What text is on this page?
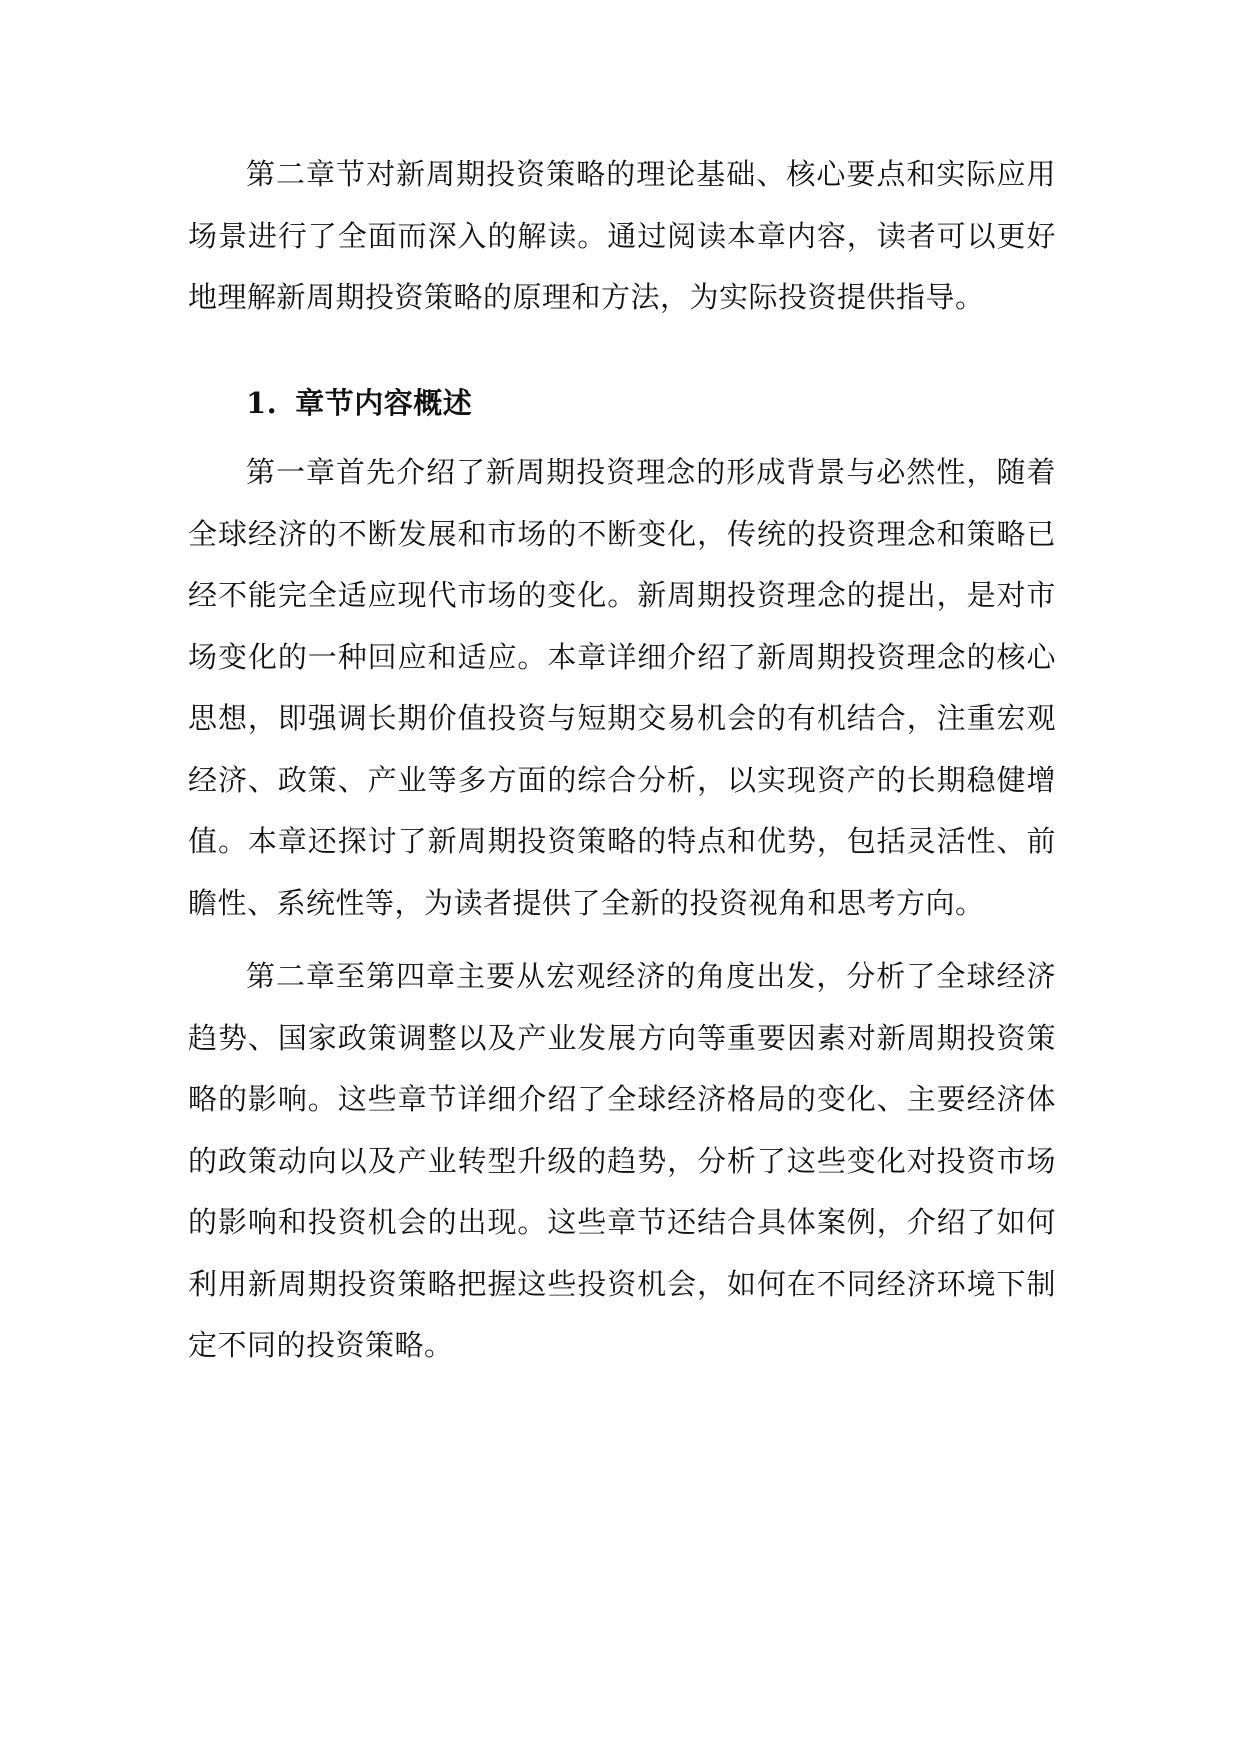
第二章节对新周期投资策略的理论基础、核心要点和实际应用场景进行了全面而深入的解读。通过阅读本章内容，读者可以更好地理解新周期投资策略的原理和方法，为实际投资提供指导。

1. 章节内容概述

第一章首先介绍了新周期投资理念的形成背景与必然性，随着全球经济的不断发展和市场的不断变化，传统的投资理念和策略已经不能完全适应现代市场的变化。新周期投资理念的提出，是对市场变化的一种回应和适应。本章详细介绍了新周期投资理念的核心思想，即强调长期价值投资与短期交易机会的有机结合，注重宏观经济、政策、产业等多方面的综合分析，以实现资产的长期稳健增值。本章还探讨了新周期投资策略的特点和优势，包括灵活性、前瞻性、系统性等，为读者提供了全新的投资视角和思考方向。

第二章至第四章主要从宏观经济的角度出发，分析了全球经济趋势、国家政策调整以及产业发展方向等重要因素对新周期投资策略的影响。这些章节详细介绍了全球经济格局的变化、主要经济体的政策动向以及产业转型升级的趋势，分析了这些变化对投资市场的影响和投资机会的出现。这些章节还结合具体案例，介绍了如何利用新周期投资策略把握这些投资机会，如何在不同经济环境下制定不同的投资策略。
